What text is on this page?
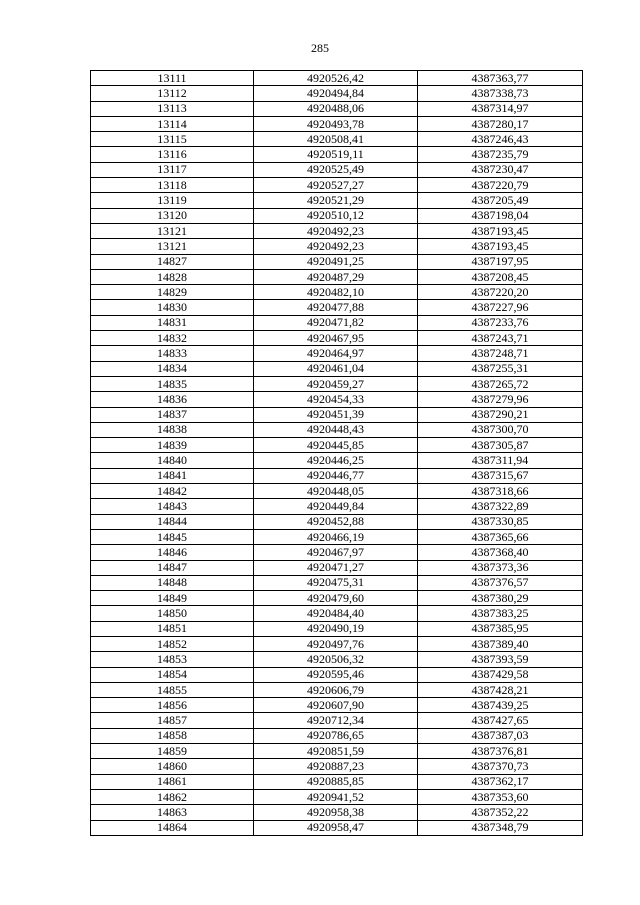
285
13111	4920526,42	4387363,77
13112	4920494,84	4387338,73
13113	4920488,06	4387314,97
13114	4920493,78	4387280,17
13115	4920508,41	4387246,43
13116	4920519,11	4387235,79
13117	4920525,49	4387230,47
13118	4920527,27	4387220,79
13119	4920521,29	4387205,49
13120	4920510,12	4387198,04
13121	4920492,23	4387193,45
13121	4920492,23	4387193,45
14827	4920491,25	4387197,95
14828	4920487,29	4387208,45
14829	4920482,10	4387220,20
14830	4920477,88	4387227,96
14831	4920471,82	4387233,76
14832	4920467,95	4387243,71
14833	4920464,97	4387248,71
14834	4920461,04	4387255,31
14835	4920459,27	4387265,72
14836	4920454,33	4387279,96
14837	4920451,39	4387290,21
14838	4920448,43	4387300,70
14839	4920445,85	4387305,87
14840	4920446,25	4387311,94
14841	4920446,77	4387315,67
14842	4920448,05	4387318,66
14843	4920449,84	4387322,89
14844	4920452,88	4387330,85
14845	4920466,19	4387365,66
14846	4920467,97	4387368,40
14847	4920471,27	4387373,36
14848	4920475,31	4387376,57
14849	4920479,60	4387380,29
14850	4920484,40	4387383,25
14851	4920490,19	4387385,95
14852	4920497,76	4387389,40
14853	4920506,32	4387393,59
14854	4920595,46	4387429,58
14855	4920606,79	4387428,21
14856	4920607,90	4387439,25
14857	4920712,34	4387427,65
14858	4920786,65	4387387,03
14859	4920851,59	4387376,81
14860	4920887,23	4387370,73
14861	4920885,85	4387362,17
14862	4920941,52	4387353,60
14863	4920958,38	4387352,22
14864	4920958,47	4387348,79
